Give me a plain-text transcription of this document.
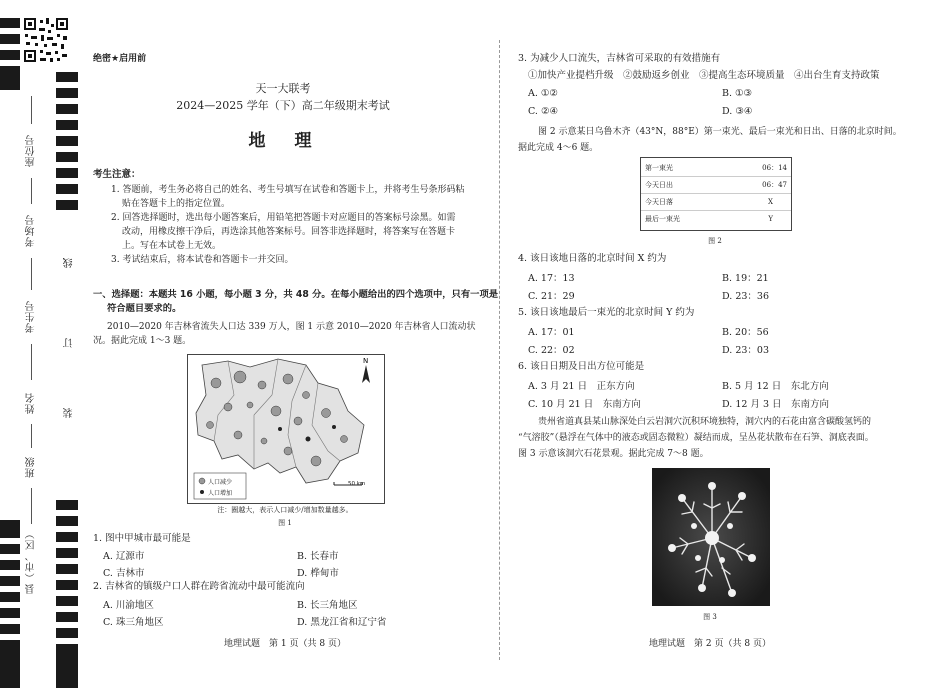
座位号
考场号
考生号
姓名
班级
县（市、区）
线
订
装
绝密★启用前
天一大联考
2024—2025 学年（下）高二年级期末考试
地　理
考生注意：
1. 答题前，考生务必将自己的姓名、考生号填写在试卷和答题卡上，并将考生号条形码粘
贴在答题卡上的指定位置。
2. 回答选择题时，选出每小题答案后，用铅笔把答题卡对应题目的答案标号涂黑。如需
改动，用橡皮擦干净后，再选涂其他答案标号。回答非选择题时，将答案写在答题卡
上。写在本试卷上无效。
3. 考试结束后，将本试卷和答题卡一并交回。
一、选择题：本题共 16 小题，每小题 3 分，共 48 分。在每小题给出的四个选项中，只有一项是
符合题目要求的。
2010—2020 年吉林省流失人口达 339 万人，图 1 示意 2010—2020 年吉林省人口流动状
况。据此完成 1～3 题。
N
人口减少
人口增加
50 km
注：圈越大，表示人口减少/增加数量越多。
图 1
1. 图中甲城市最可能是
A. 辽源市	B. 长春市
C. 吉林市	D. 桦甸市
2. 吉林省的镇级户口人群在跨省流动中最可能流向
A. 川渝地区	B. 长三角地区
C. 珠三角地区	D. 黑龙江省和辽宁省
地理试题　第 1 页（共 8 页）
3. 为减少人口流失，吉林省可采取的有效措施有
①加快产业提档升级　②鼓励返乡创业　③提高生态环境质量　④出台生育支持政策
A. ①②	B. ①③
C. ②④	D. ③④
图 2 示意某日乌鲁木齐（43°N，88°E）第一束光、最后一束光和日出、日落的北京时间。
据此完成 4～6 题。
第一束光	06：14
今天日出	06：47
今天日落	X
最后一束光	Y
图 2
4. 该日该地日落的北京时间 X 约为
A. 17：13	B. 19：21
C. 21：29	D. 23：36
5. 该日该地最后一束光的北京时间 Y 约为
A. 17：01	B. 20：56
C. 22：02	D. 23：03
6. 该日日期及日出方位可能是
A. 3 月 21 日　正东方向	B. 5 月 12 日　东北方向
C. 10 月 21 日　东南方向	D. 12 月 3 日　东南方向
贵州省道真县某山脉深处白云岩洞穴沉积环境独特，洞穴内的石花由富含碳酸氢钙的
“气溶胶”（悬浮在气体中的液态或固态微粒）凝结而成，呈丛花状散布在石笋、洞底表面。
图 3 示意该洞穴石花景观。据此完成 7～8 题。
图 3
地理试题　第 2 页（共 8 页）
